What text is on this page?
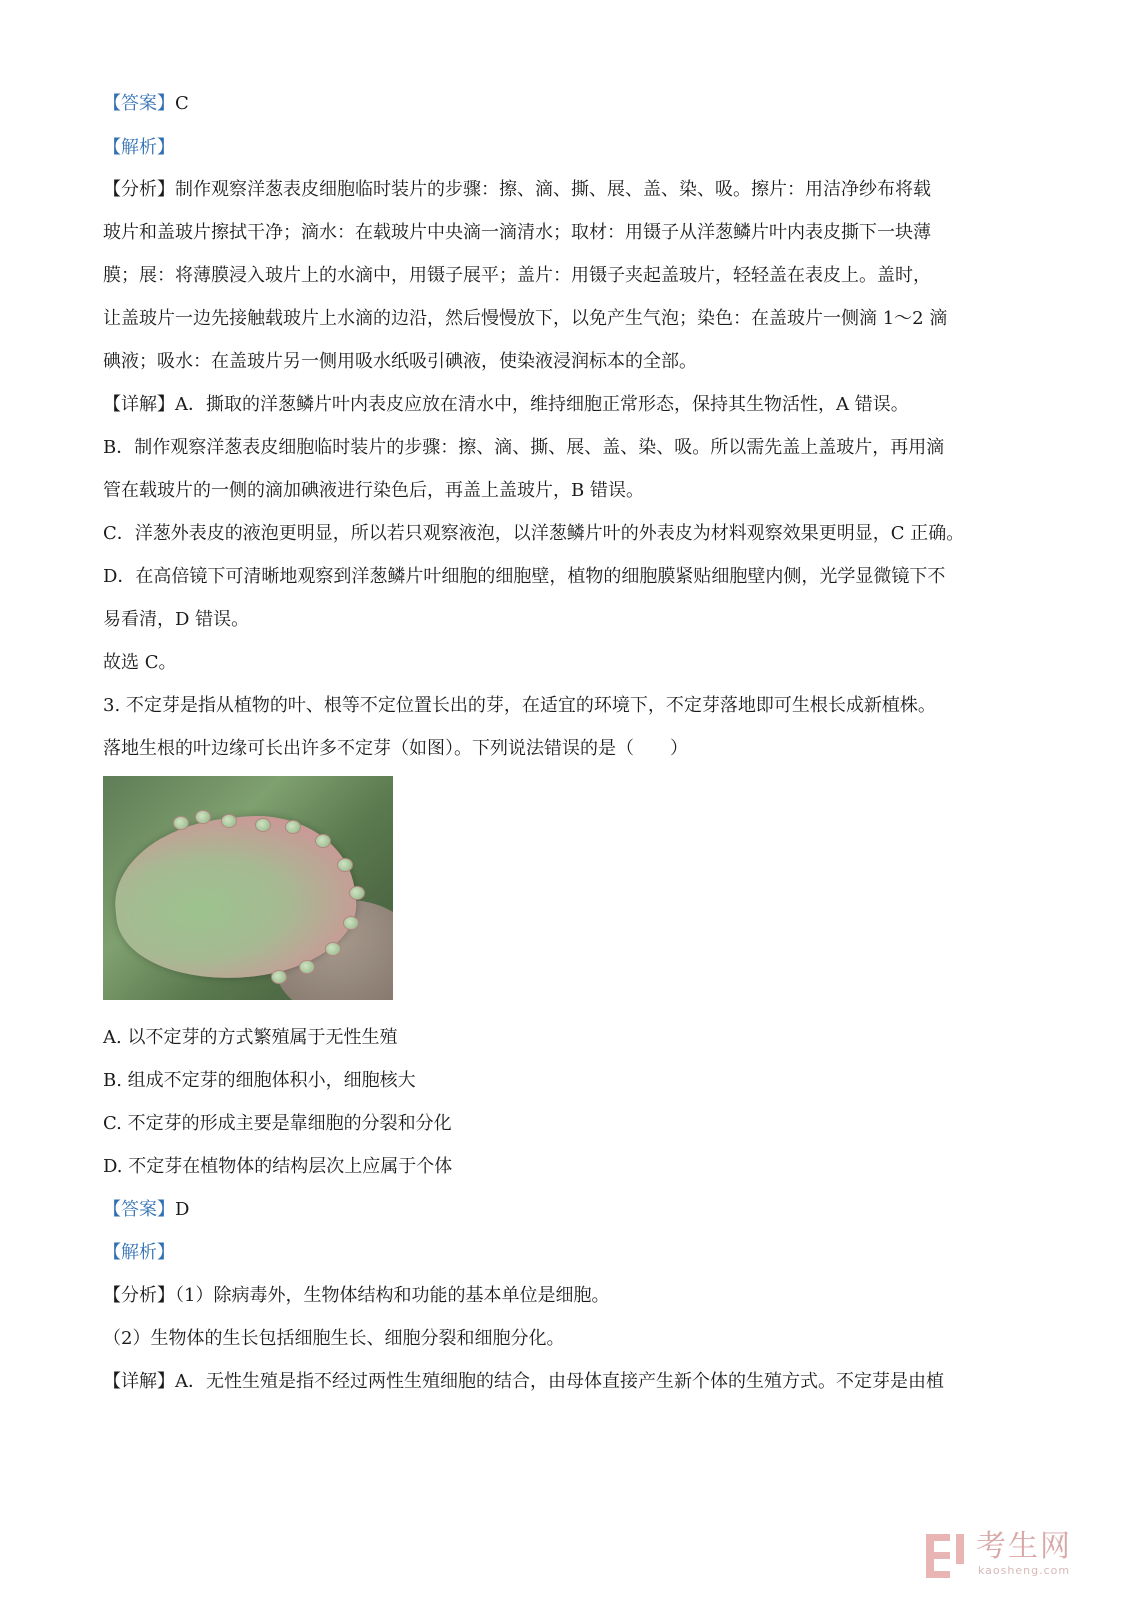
【答案】C

【解析】

【分析】制作观察洋葱表皮细胞临时装片的步骤：擦、滴、撕、展、盖、染、吸。擦片：用洁净纱布将载
玻片和盖玻片擦拭干净；滴水：在载玻片中央滴一滴清水；取材：用镊子从洋葱鳞片叶内表皮撕下一块薄
膜；展：将薄膜浸入玻片上的水滴中，用镊子展平；盖片：用镊子夹起盖玻片，轻轻盖在表皮上。盖时，
让盖玻片一边先接触载玻片上水滴的边沿，然后慢慢放下，以免产生气泡；染色：在盖玻片一侧滴 1～2 滴
碘液；吸水：在盖玻片另一侧用吸水纸吸引碘液，使染液浸润标本的全部。
【详解】A．撕取的洋葱鳞片叶内表皮应放在清水中，维持细胞正常形态，保持其生物活性，A 错误。
B．制作观察洋葱表皮细胞临时装片的步骤：擦、滴、撕、展、盖、染、吸。所以需先盖上盖玻片，再用滴
管在载玻片的一侧的滴加碘液进行染色后，再盖上盖玻片，B 错误。
C．洋葱外表皮的液泡更明显，所以若只观察液泡，以洋葱鳞片叶的外表皮为材料观察效果更明显，C 正确。
D．在高倍镜下可清晰地观察到洋葱鳞片叶细胞的细胞壁，植物的细胞膜紧贴细胞壁内侧，光学显微镜下不
易看清，D 错误。
故选 C。
3. 不定芽是指从植物的叶、根等不定位置长出的芽，在适宜的环境下，不定芽落地即可生根长成新植株。
落地生根的叶边缘可长出许多不定芽（如图）。下列说法错误的是（　　）
A. 以不定芽的方式繁殖属于无性生殖
B. 组成不定芽的细胞体积小，细胞核大
C. 不定芽的形成主要是靠细胞的分裂和分化
D. 不定芽在植物体的结构层次上应属于个体
【答案】D
【解析】
【分析】（1）除病毒外，生物体结构和功能的基本单位是细胞。
（2）生物体的生长包括细胞生长、细胞分裂和细胞分化。
【详解】A．无性生殖是指不经过两性生殖细胞的结合，由母体直接产生新个体的生殖方式。不定芽是由植
考生网
kaosheng.com
